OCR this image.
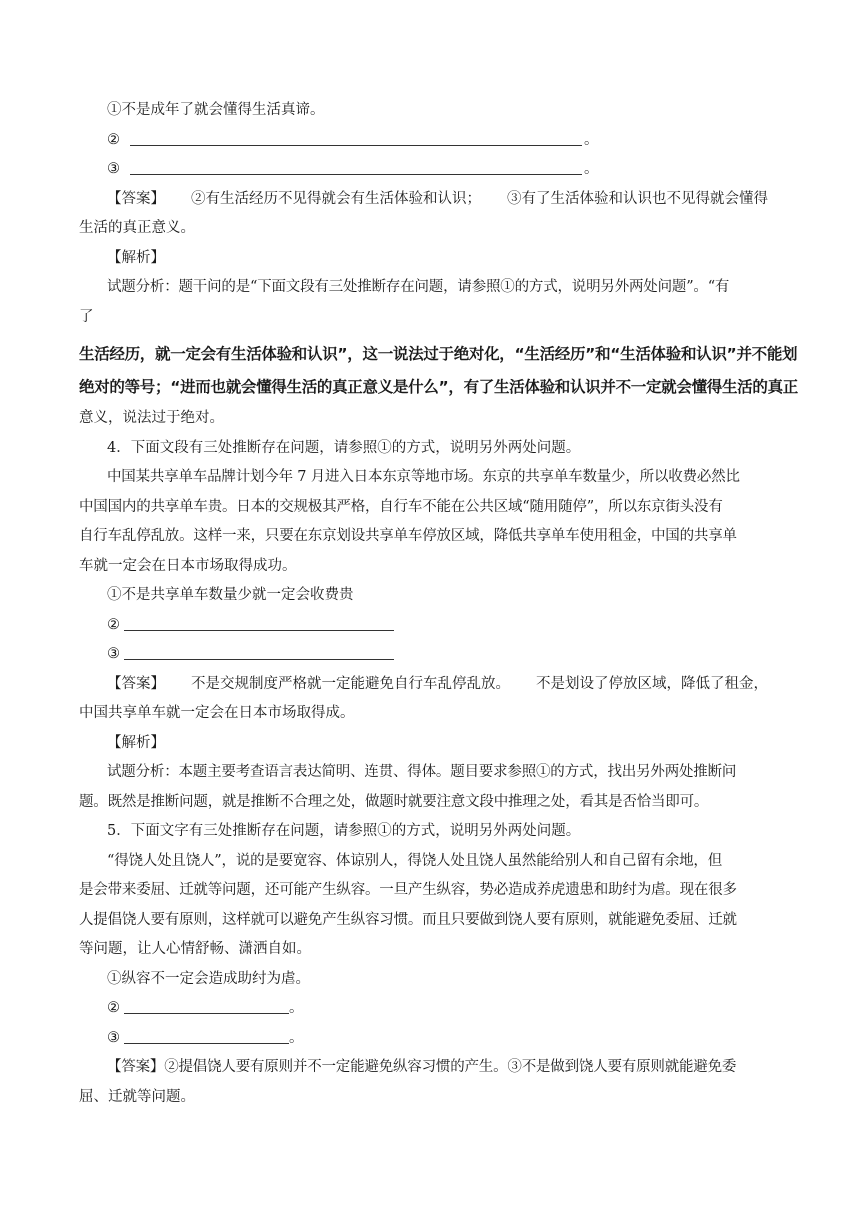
①不是成年了就会懂得生活真谛。

②	。

③	。

【答案】 ②有生活经历不见得就会有生活体验和认识； ③有了生活体验和认识也不见得就会懂得

生活的真正意义。

【解析】

试题分析：题干问的是“下面文段有三处推断存在问题，请参照①的方式，说明另外两处问题”。“有

了

生活经历，就一定会有生活体验和认识”，这一说法过于绝对化，“生活经历”和“生活体验和认识”并不能划

绝对的等号；“进而也就会懂得生活的真正意义是什么”，有了生活体验和认识并不一定就会懂得生活的真正

意义，说法过于绝对。

4．下面文段有三处推断存在问题，请参照①的方式，说明另外两处问题。

中国某共享单车品牌计划今年 7 月进入日本东京等地市场。东京的共享单车数量少，所以收费必然比

中国国内的共享单车贵。日本的交规极其严格，自行车不能在公共区域“随用随停”，所以东京街头没有

自行车乱停乱放。这样一来，只要在东京划设共享单车停放区域，降低共享单车使用租金，中国的共享单

车就一定会在日本市场取得成功。

①不是共享单车数量少就一定会收费贵

②

③

【答案】 不是交规制度严格就一定能避免自行车乱停乱放。 不是划设了停放区域，降低了租金，

中国共享单车就一定会在日本市场取得成。

【解析】

试题分析：本题主要考查语言表达简明、连贯、得体。题目要求参照①的方式，找出另外两处推断问

题。既然是推断问题，就是推断不合理之处，做题时就要注意文段中推理之处，看其是否恰当即可。

5．下面文字有三处推断存在问题，请参照①的方式，说明另外两处问题。

“得饶人处且饶人”，说的是要宽容、体谅别人，得饶人处且饶人虽然能给别人和自己留有余地，但

是会带来委屈、迁就等问题，还可能产生纵容。一旦产生纵容，势必造成养虎遗患和助纣为虐。现在很多

人提倡饶人要有原则，这样就可以避免产生纵容习惯。而且只要做到饶人要有原则，就能避免委屈、迁就

等问题，让人心情舒畅、潇洒自如。

①纵容不一定会造成助纣为虐。

②	。

③	。

【答案】②提倡饶人要有原则并不一定能避免纵容习惯的产生。③不是做到饶人要有原则就能避免委

屈、迁就等问题。
